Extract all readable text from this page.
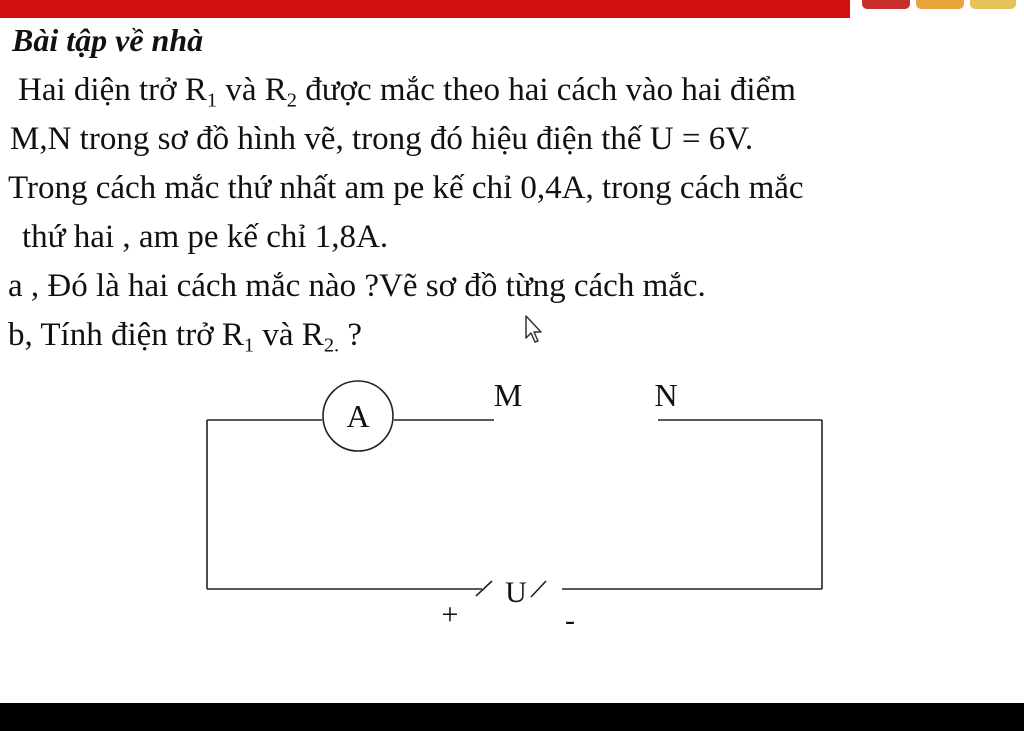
Bài tập về nhà

Hai diện trở $R_1$ và $R_2$ được mắc theo hai cách vào hai điểm

M,N trong sơ đồ hình vẽ, trong đó hiệu điện thế U = 6V.

Trong cách mắc thứ nhất am pe kế chỉ 0,4A, trong cách mắc

thứ hai , am pe kế chỉ 1,8A.

a , Đó là hai cách mắc nào ?Vẽ sơ đồ từng cách mắc.

b, Tính điện trở $R_1$ và $R_{2.}$ ?

A
M	N
U
+	-
